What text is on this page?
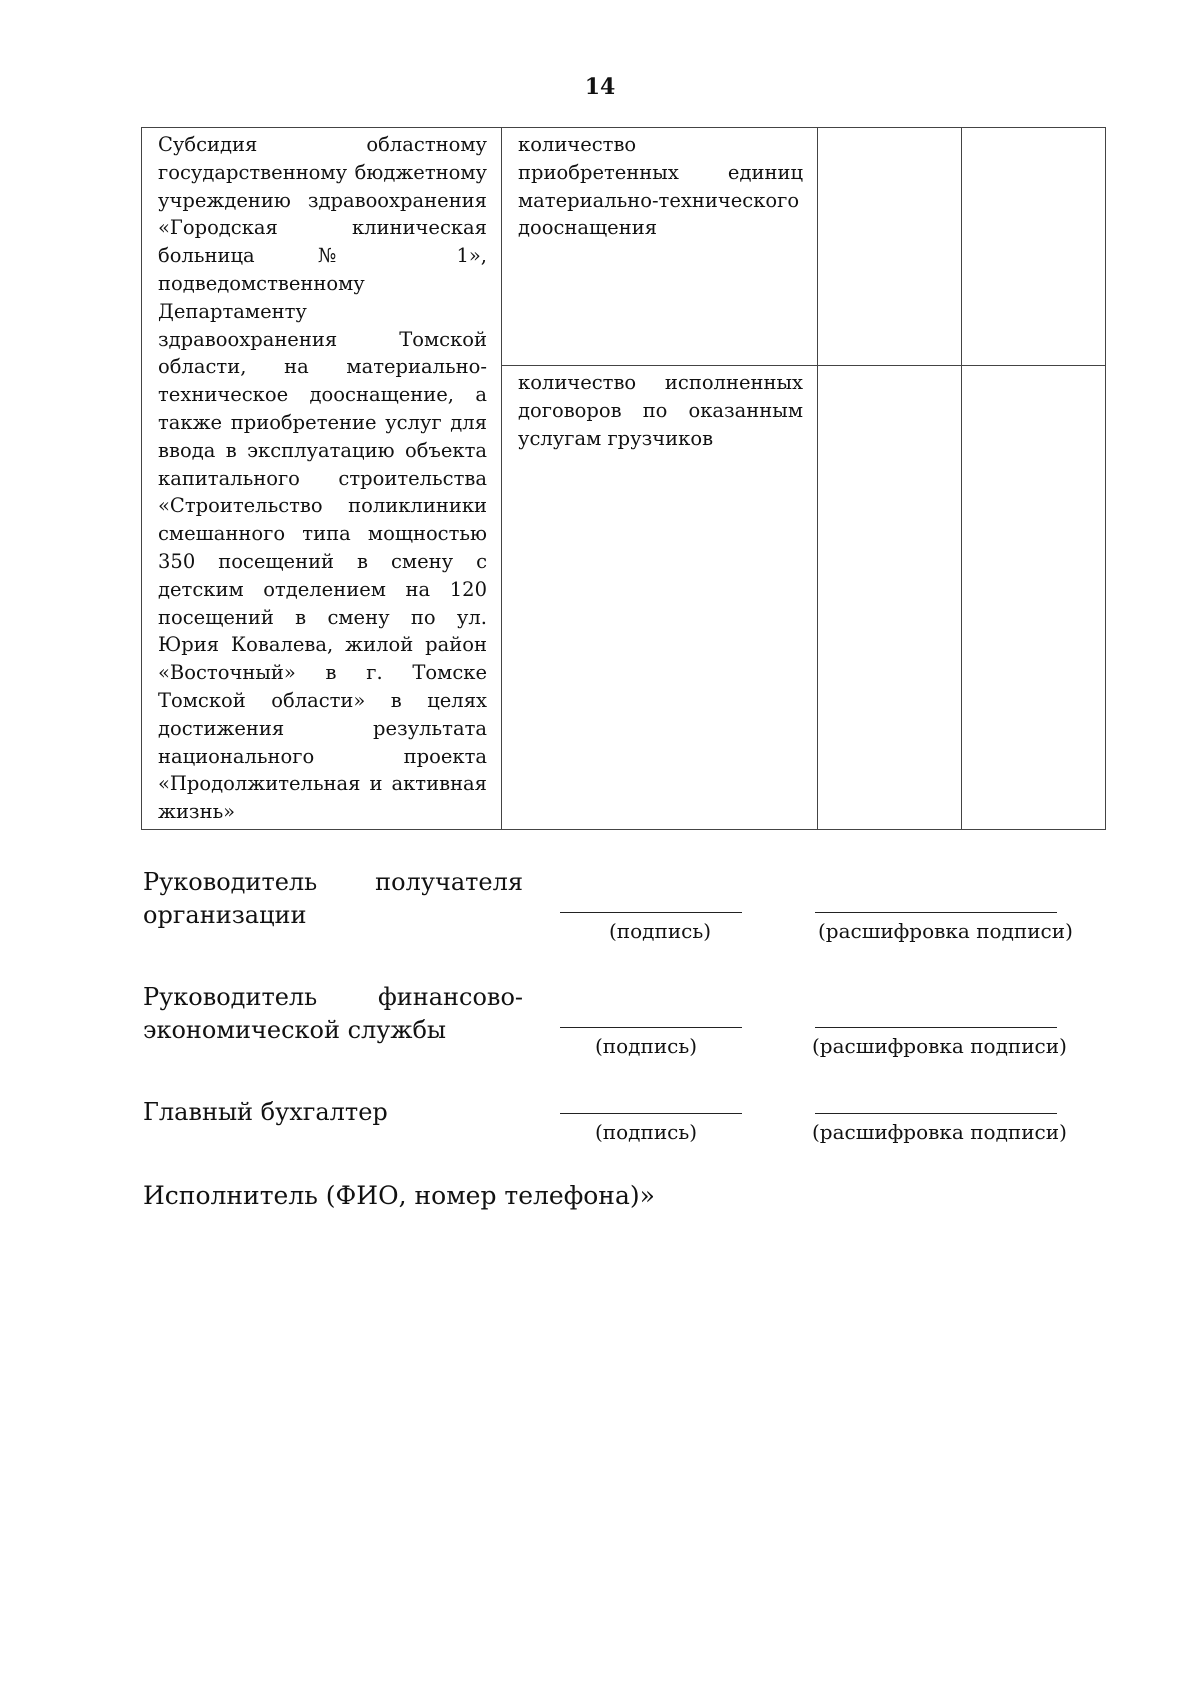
14
Субсидия областному государственному бюджетному учреждению здравоохранения «Городская клиническая больница № 1», подведомственному Департаменту здравоохранения Томской области, на материально-техническое дооснащение, а также приобретение услуг для ввода в эксплуатацию объекта капитального строительства «Строительство поликлиники смешанного типа мощностью 350 посещений в смену с детским отделением на 120 посещений в смену по ул. Юрия Ковалева, жилой район «Восточный» в г. Томске Томской области» в целях достижения результата национального проекта «Продолжительная и активная жизнь»	количество приобретенных единиц материально-технического дооснащения		
	количество исполненных договоров по оказанным услугам грузчиков		
Руководитель получателя организации
(подпись)	(расшифровка подписи)
Руководитель финансово-экономической службы
(подпись)	(расшифровка подписи)
Главный бухгалтер
(подпись)	(расшифровка подписи)
Исполнитель (ФИО, номер телефона)»
